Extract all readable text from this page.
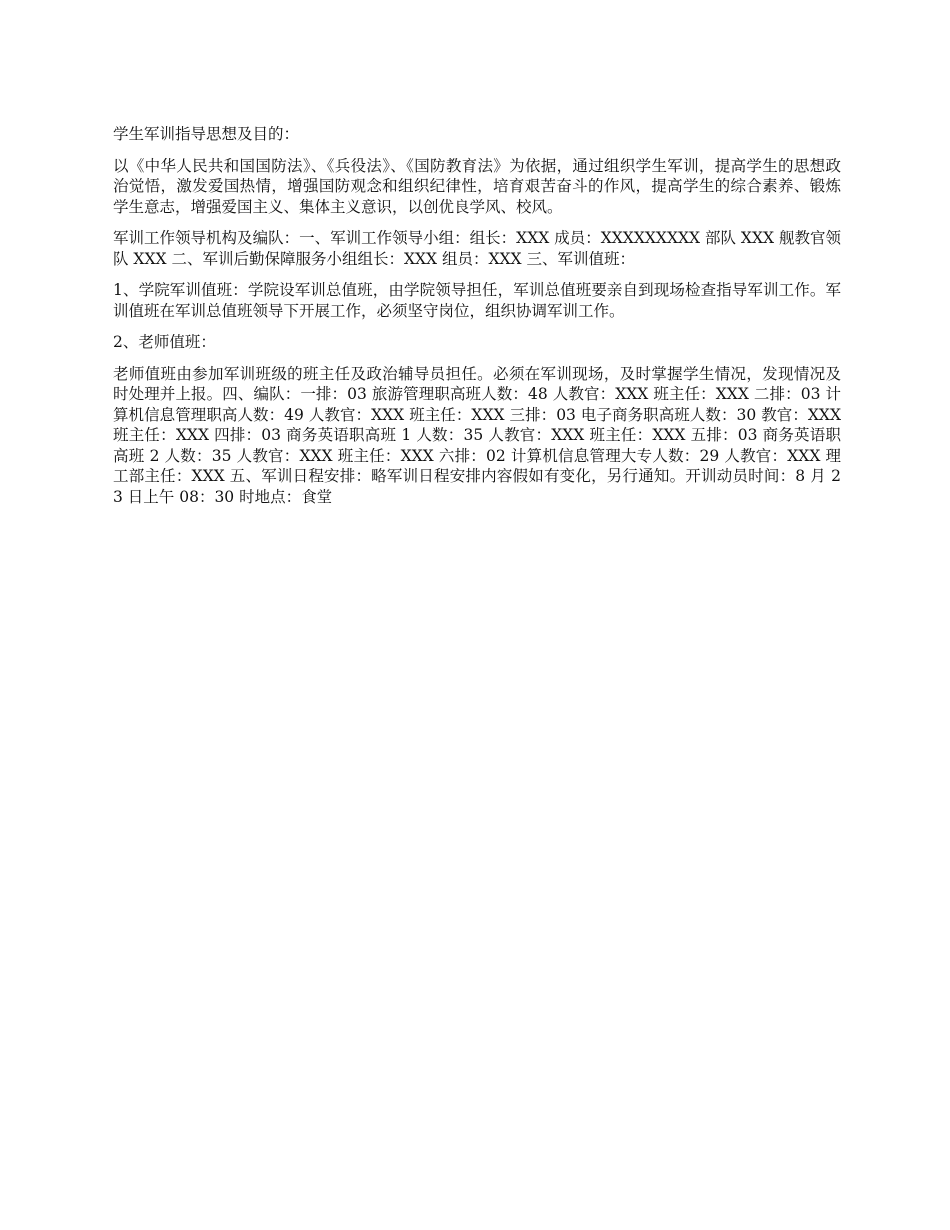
学生军训指导思想及目的：

以《中华人民共和国国防法》、《兵役法》、《国防教育法》为依据，通过组织学生军训，提高学生的思想政治觉悟，激发爱国热情，增强国防观念和组织纪律性，培育艰苦奋斗的作风，提高学生的综合素养、锻炼学生意志，增强爱国主义、集体主义意识，以创优良学风、校风。

军训工作领导机构及编队：一、军训工作领导小组：组长：XXX 成员：XXXXXXXXX 部队 XXX 舰教官领队 XXX 二、军训后勤保障服务小组组长：XXX 组员：XXX 三、军训值班：

1、学院军训值班：学院设军训总值班，由学院领导担任，军训总值班要亲自到现场检查指导军训工作。军训值班在军训总值班领导下开展工作，必须坚守岗位，组织协调军训工作。

2、老师值班：

老师值班由参加军训班级的班主任及政治辅导员担任。必须在军训现场，及时掌握学生情况，发现情况及时处理并上报。四、编队：一排：03 旅游管理职高班人数：48 人教官：XXX 班主任：XXX 二排：03 计算机信息管理职高人数：49 人教官：XXX 班主任：XXX 三排：03 电子商务职高班人数：30 教官：XXX 班主任：XXX 四排：03 商务英语职高班 1 人数：35 人教官：XXX 班主任：XXX 五排：03 商务英语职高班 2 人数：35 人教官：XXX 班主任：XXX 六排：02 计算机信息管理大专人数：29 人教官：XXX 理工部主任：XXX 五、军训日程安排：略军训日程安排内容假如有变化，另行通知。开训动员时间：8 月 23 日上午 08：30 时地点：食堂
